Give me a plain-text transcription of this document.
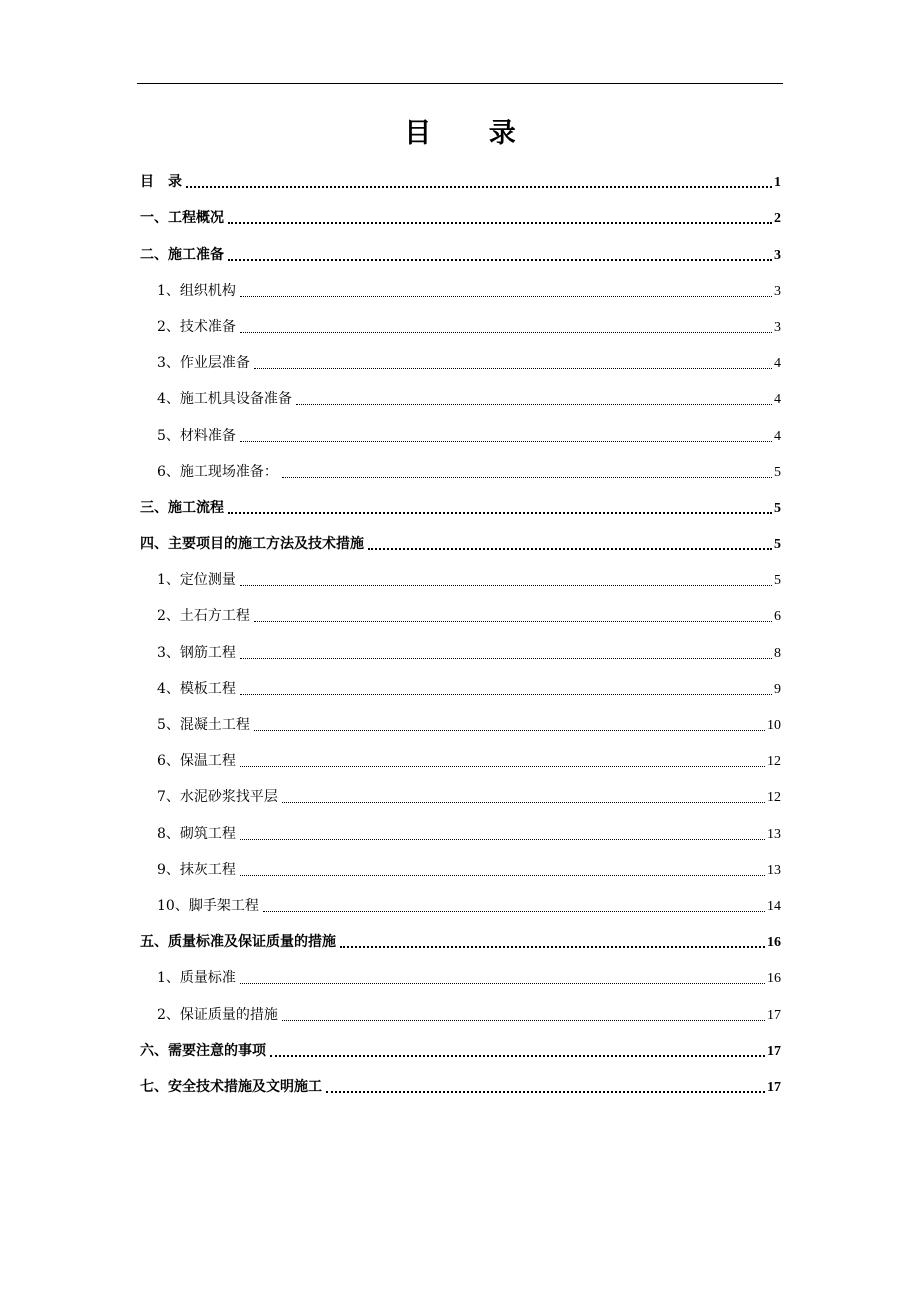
目 录
目　录	1
一、工程概况	2
二、施工准备	3
1、组织机构	3
2、技术准备	3
3、作业层准备	4
4、施工机具设备准备	4
5、材料准备	4
6、施工现场准备：	5
三、施工流程	5
四、主要项目的施工方法及技术措施	5
1、定位测量	5
2、土石方工程	6
3、钢筋工程	8
4、模板工程	9
5、混凝土工程	10
6、保温工程	12
7、水泥砂浆找平层	12
8、砌筑工程	13
9、抹灰工程	13
10、脚手架工程	14
五、质量标准及保证质量的措施	16
1、质量标准	16
2、保证质量的措施	17
六、需要注意的事项	17
七、安全技术措施及文明施工	17
